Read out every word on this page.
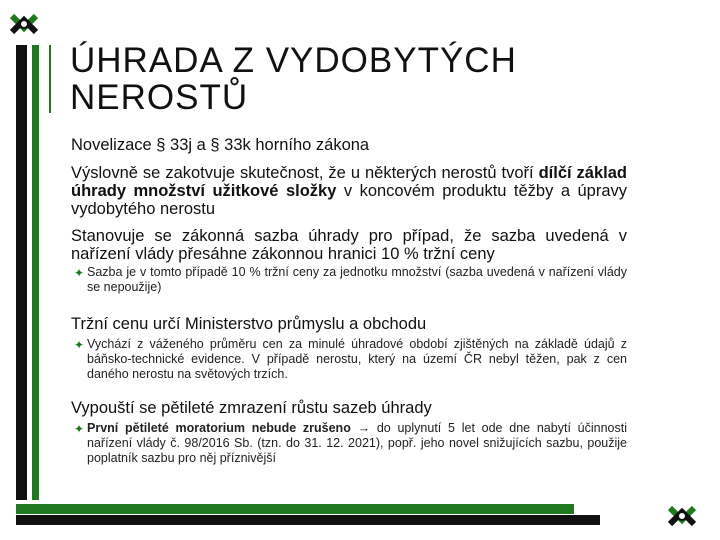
ÚHRADA Z VYDOBYTÝCH
NEROSTŮ

Novelizace § 33j a § 33k horního zákona

Výslovně se zakotvuje skutečnost, že u některých nerostů tvoří dílčí základ úhrady množství užitkové složky v koncovém produktu těžby a úpravy vydobytého nerostu

Stanovuje se zákonná sazba úhrady pro případ, že sazba uvedená v nařízení vlády přesáhne zákonnou hranici 10 % tržní ceny

✦ Sazba je v tomto případě 10 % tržní ceny za jednotku množství (sazba uvedená v nařízení vlády se nepoužije)

Tržní cenu určí Ministerstvo průmyslu a obchodu

✦ Vychází z váženého průměru cen za minulé úhradové období zjištěných na základě údajů z báňsko-technické evidence. V případě nerostu, který na území ČR nebyl těžen, pak z cen daného nerostu na světových trzích.

Vypouští se pětileté zmrazení růstu sazeb úhrady

✦ První pětileté moratorium nebude zrušeno → do uplynutí 5 let ode dne nabytí účinnosti nařízení vlády č. 98/2016 Sb. (tzn. do 31. 12. 2021), popř. jeho novel snižujících sazbu, použije poplatník sazbu pro něj příznivější
